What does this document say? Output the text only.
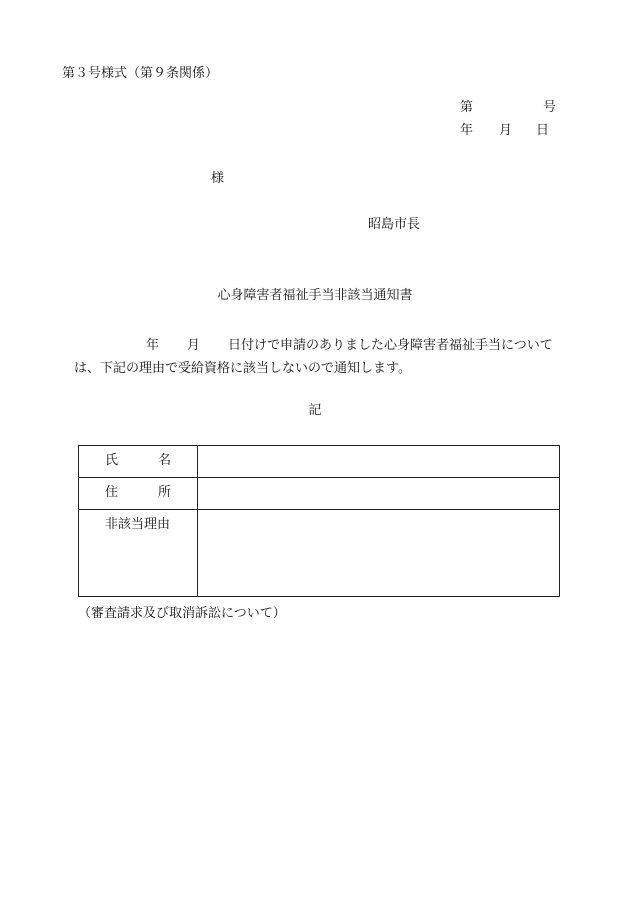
第３号様式（第９条関係）
第	号
年 月 日
様
昭島市長
心身障害者福祉手当非該当通知書
年 月 日付けで申請のありました心身障害者福祉手当について
は、下記の理由で受給資格に該当しないので通知します。
記
氏 名	

住 所	

非該当理由	

（審査請求及び取消訴訟について）
